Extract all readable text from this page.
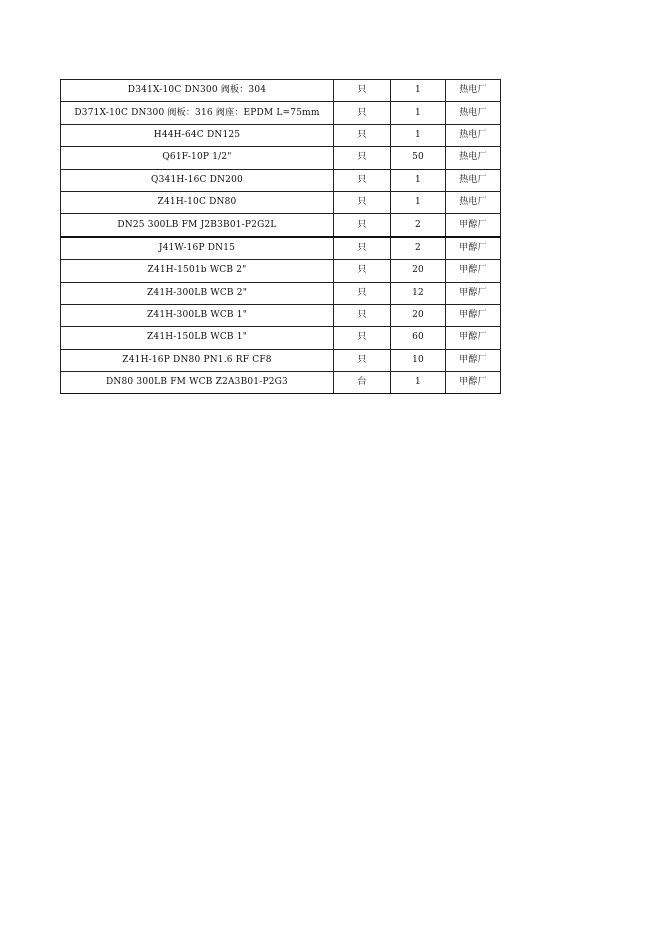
D341X-10C DN300 阀板：304	只	1	热电厂
D371X-10C DN300 阀板：316 阀座：EPDM L=75mm	只	1	热电厂
H44H-64C DN125	只	1	热电厂
Q61F-10P 1/2"	只	50	热电厂
Q341H-16C DN200	只	1	热电厂
Z41H-10C DN80	只	1	热电厂
DN25 300LB FM J2B3B01-P2G2L	只	2	甲醇厂
J41W-16P DN15	只	2	甲醇厂
Z41H-1501b WCB 2"	只	20	甲醇厂
Z41H-300LB WCB 2"	只	12	甲醇厂
Z41H-300LB WCB 1"	只	20	甲醇厂
Z41H-150LB WCB 1"	只	60	甲醇厂
Z41H-16P DN80 PN1.6 RF CF8	只	10	甲醇厂
DN80 300LB FM WCB Z2A3B01-P2G3	台	1	甲醇厂
